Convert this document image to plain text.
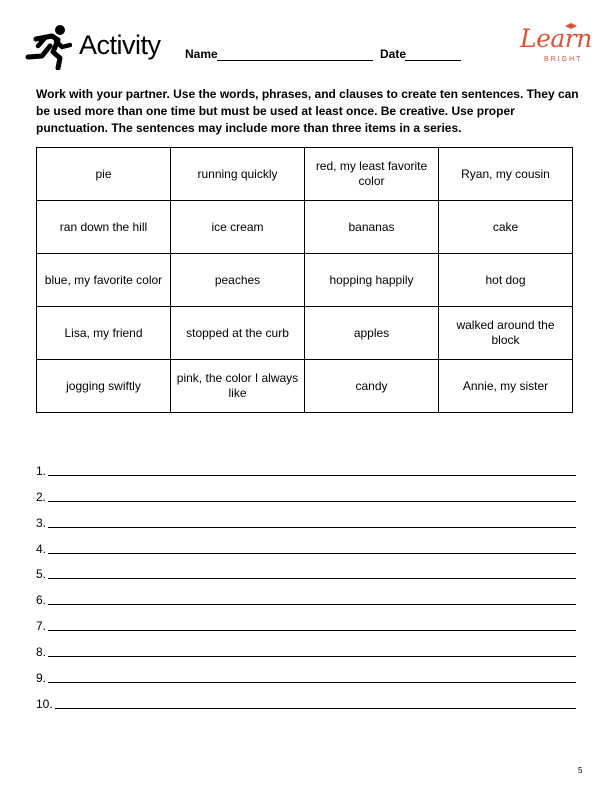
Activity Name	Date
Learn
BRIGHT
Work with your partner. Use the words, phrases, and clauses to create ten sentences. They can be used more than one time but must be used at least once. Be creative. Use proper punctuation. The sentences may include more than three items in a series.
pie	running quickly	red, my least favorite color	Ryan, my cousin
ran down the hill	ice cream	bananas	cake
blue, my favorite color	peaches	hopping happily	hot dog
Lisa, my friend	stopped at the curb	apples	walked around the block
jogging swiftly	pink, the color I always like	candy	Annie, my sister
1.
2.
3.
4.
5.
6.
7.
8.
9.
10.
5
